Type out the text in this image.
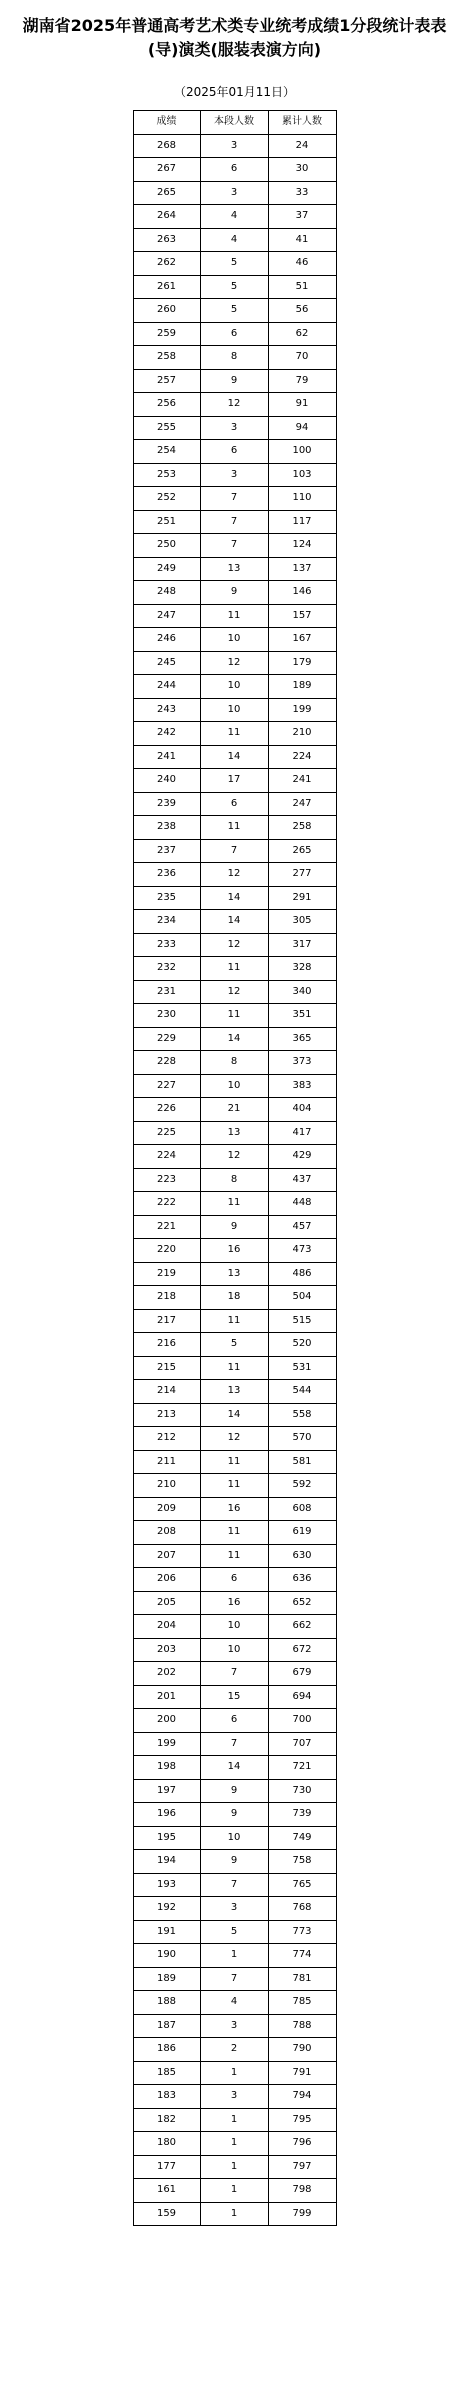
湖南省2025年普通高考艺术类专业统考成绩1分段统计表表(导)演类(服装表演方向)
（2025年01月11日）
成绩	本段人数	累计人数
268	3	24
267	6	30
265	3	33
264	4	37
263	4	41
262	5	46
261	5	51
260	5	56
259	6	62
258	8	70
257	9	79
256	12	91
255	3	94
254	6	100
253	3	103
252	7	110
251	7	117
250	7	124
249	13	137
248	9	146
247	11	157
246	10	167
245	12	179
244	10	189
243	10	199
242	11	210
241	14	224
240	17	241
239	6	247
238	11	258
237	7	265
236	12	277
235	14	291
234	14	305
233	12	317
232	11	328
231	12	340
230	11	351
229	14	365
228	8	373
227	10	383
226	21	404
225	13	417
224	12	429
223	8	437
222	11	448
221	9	457
220	16	473
219	13	486
218	18	504
217	11	515
216	5	520
215	11	531
214	13	544
213	14	558
212	12	570
211	11	581
210	11	592
209	16	608
208	11	619
207	11	630
206	6	636
205	16	652
204	10	662
203	10	672
202	7	679
201	15	694
200	6	700
199	7	707
198	14	721
197	9	730
196	9	739
195	10	749
194	9	758
193	7	765
192	3	768
191	5	773
190	1	774
189	7	781
188	4	785
187	3	788
186	2	790
185	1	791
183	3	794
182	1	795
180	1	796
177	1	797
161	1	798
159	1	799
